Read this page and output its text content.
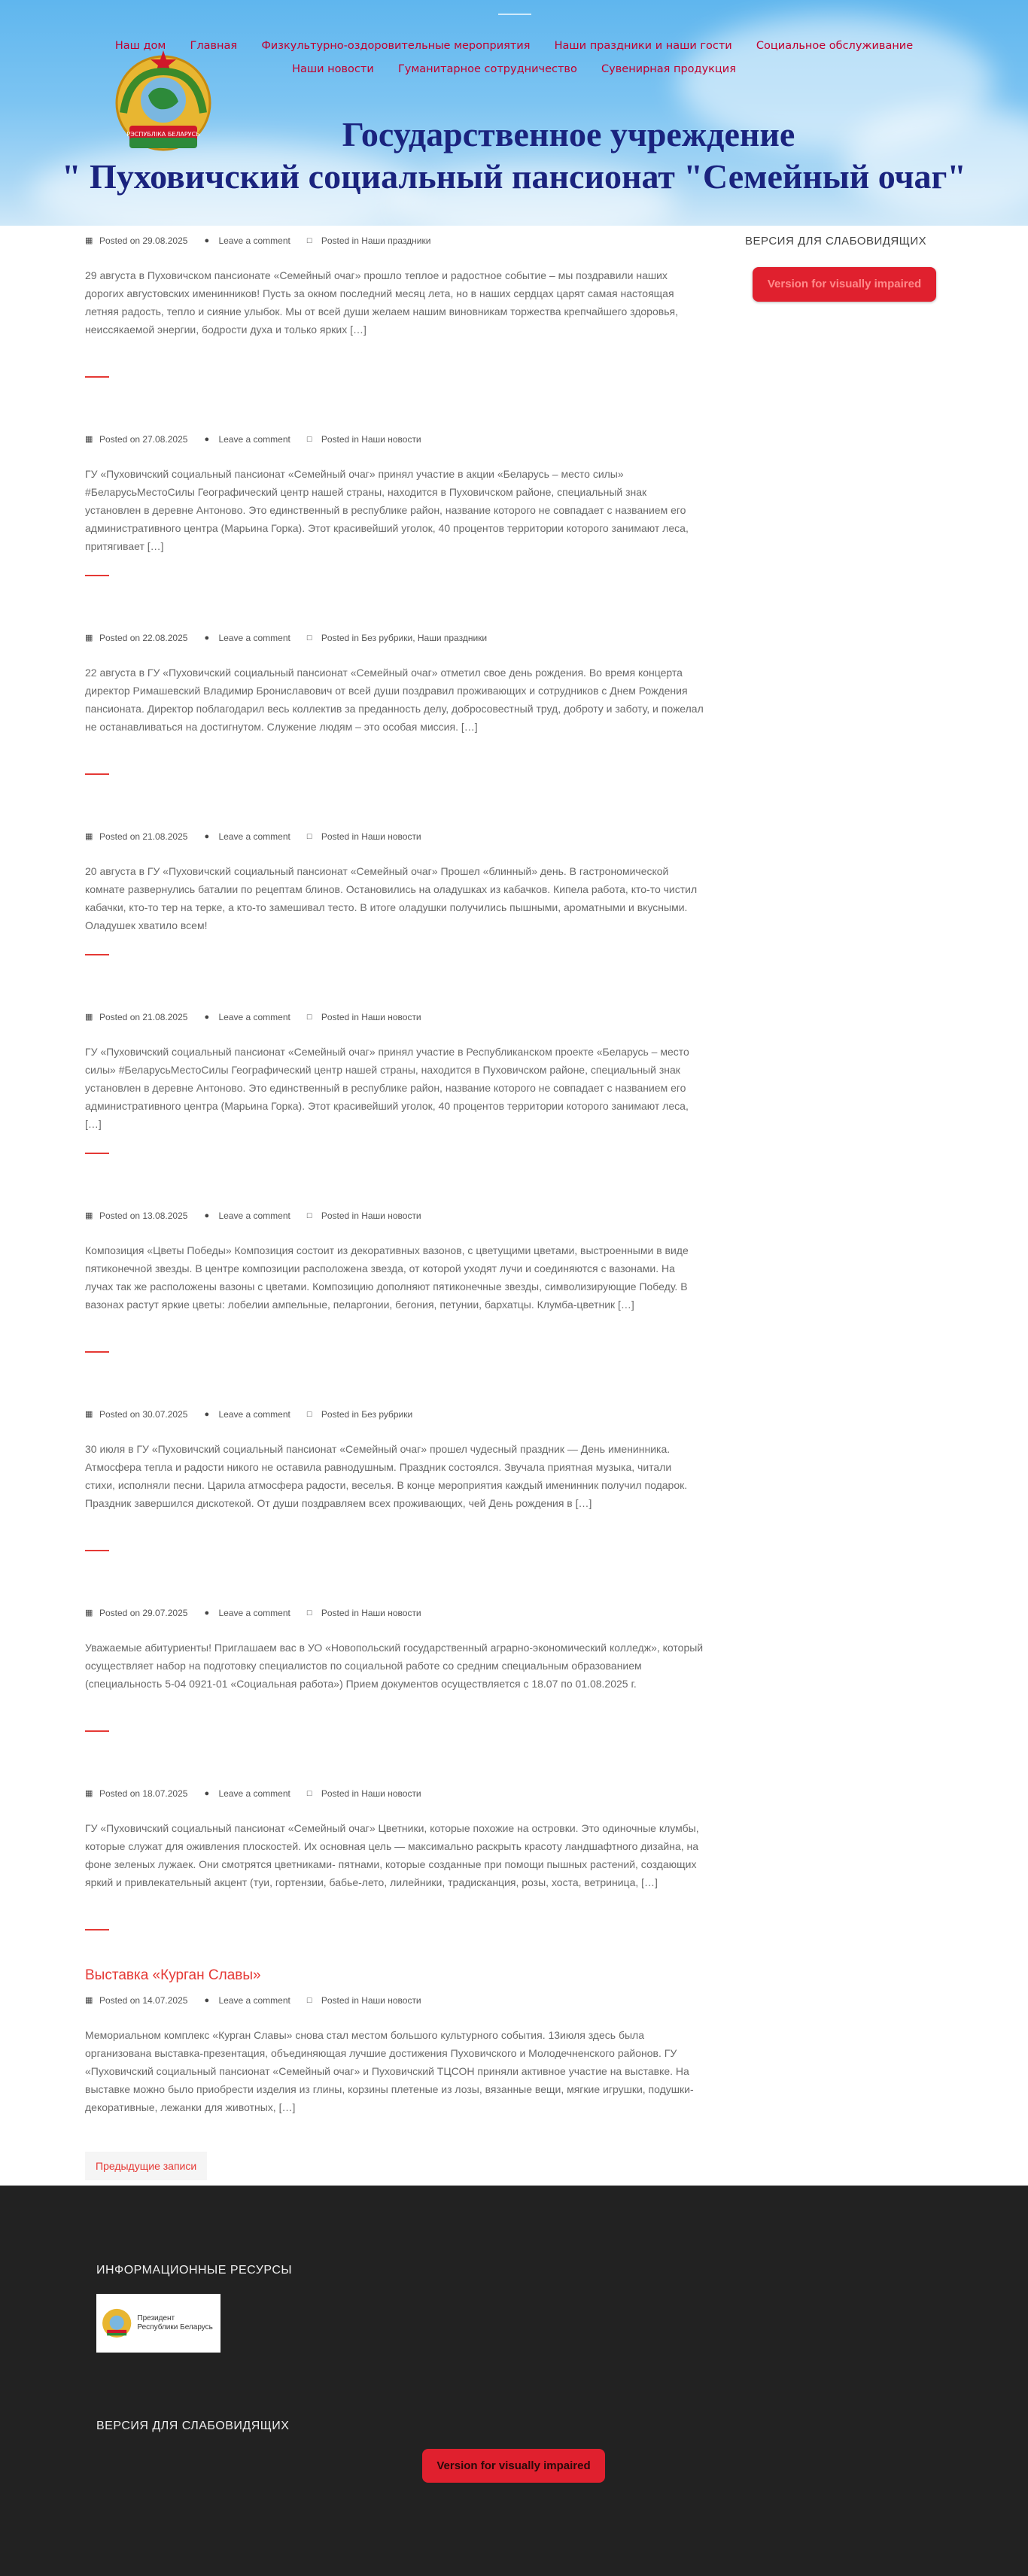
Наш дом Главная Физкультурно-оздоровительные мероприятия Наши праздники и наши гости Социальное обслуживание
Наши новости Гуманитарное сотрудничество Сувенирная продукция
РЭСПУБЛІКА БЕЛАРУСЬ	Государственное учреждение
" Пуховичский социальный пансионат "Семейный очаг"
▦ Posted on 29.08.2025 ●	Leave a comment □	Posted in
Наши праздники

29 августа в Пуховичском пансионате «Семейный очаг» прошло теплое и радостное событие – мы поздравили наших дорогих августовских именинников! Пусть за окном последний месяц лета, но в наших сердцах царят самая настоящая летняя радость, тепло и сияние улыбок. Мы от всей души желаем нашим виновникам торжества крепчайшего здоровья, неиссякаемой энергии, бодрости духа и только ярких […]

▦ Posted on 27.08.2025 ●	Leave a comment □	Posted in
Наши новости

ГУ «Пуховичский социальный пансионат «Семейный очаг» принял участие в акции «Беларусь – место силы» #БеларусьМестоСилы Географический центр нашей страны, находится в Пуховичском районе, специальный знак установлен в деревне Антоново. Это единственный в республике район, название которого не совпадает с названием его административного центра (Марьина Горка). Этот красивейший уголок, 40 процентов территории которого занимают леса, притягивает […]

▦ Posted on 22.08.2025 ●	Leave a comment □	Posted in
Без рубрики, Наши праздники

22 августа в ГУ «Пуховичский социальный пансионат «Семейный очаг» отметил свое день рождения. Во время концерта директор Римашевский Владимир Брониславович от всей души поздравил проживающих и сотрудников с Днем Рождения пансионата. Директор поблагодарил весь коллектив за преданность делу, добросовестный труд, доброту и заботу, и пожелал не останавливаться на достигнутом. Служение людям – это особая миссия. […]

▦ Posted on 21.08.2025 ●	Leave a comment □	Posted in
Наши новости

20 августа в ГУ «Пуховичский социальный пансионат «Семейный очаг» Прошел «блинный» день. В гастрономической комнате развернулись баталии по рецептам блинов. Остановились на оладушках из кабачков. Кипела работа, кто-то чистил кабачки, кто-то тер на терке, а кто-то замешивал тесто. В итоге оладушки получились пышными, ароматными и вкусными. Оладушек хватило всем!

▦ Posted on 21.08.2025 ●	Leave a comment □	Posted in
Наши новости

ГУ «Пуховичский социальный пансионат «Семейный очаг» принял участие в Республиканском проекте «Беларусь – место силы» #БеларусьМестоСилы Географический центр нашей страны, находится в Пуховичском районе, специальный знак установлен в деревне Антоново. Это единственный в республике район, название которого не совпадает с названием его административного центра (Марьина Горка). Этот красивейший уголок, 40 процентов территории которого занимают леса, […]

▦ Posted on 13.08.2025 ●	Leave a comment □	Posted in
Наши новости

Композиция «Цветы Победы» Композиция состоит из декоративных вазонов, с цветущими цветами, выстроенными в виде пятиконечной звезды. В центре композиции расположена звезда, от которой уходят лучи и соединяются с вазонами. На лучах так же расположены вазоны с цветами. Композицию дополняют пятиконечные звезды, символизирующие Победу. В вазонах растут яркие цветы: лобелии ампельные, пеларгонии, бегония, петунии, бархатцы. Клумба-цветник […]

▦ Posted on 30.07.2025 ●	Leave a comment □	Posted in
Без рубрики

30 июля в ГУ «Пуховичский социальный пансионат «Семейный очаг» прошел чудесный праздник — День именинника. Атмосфера тепла и радости никого не оставила равнодушным. Праздник состоялся. Звучала приятная музыка, читали стихи, исполняли песни. Царила атмосфера радости, веселья. В конце мероприятия каждый именинник получил подарок. Праздник завершился дискотекой. От души поздравляем всех проживающих, чей День рождения в […]

▦ Posted on 29.07.2025 ●	Leave a comment □	Posted in
Наши новости

Уважаемые абитуриенты! Приглашаем вас в УО «Новопольский государственный аграрно-экономический колледж», который осуществляет набор на подготовку специалистов по социальной работе со средним специальным образованием (специальность 5-04 0921-01 «Социальная работа») Прием документов осуществляется с 18.07 по 01.08.2025 г.

▦ Posted on 18.07.2025 ●	Leave a comment □	Posted in
Наши новости

ГУ «Пуховичский социальный пансионат «Семейный очаг» Цветники, которые похожие на островки. Это одиночные клумбы, которые служат для оживления плоскостей. Их основная цель — максимально раскрыть красоту ландшафтного дизайна, на фоне зеленых лужаек. Они смотрятся цветниками- пятнами, которые созданные при помощи пышных растений, создающих яркий и привлекательный акцент (туи, гортензии, бабье-лето, лилейники, традисканция, розы, хоста, ветриница, […]

Выставка «Курган Славы»
▦ Posted on 14.07.2025 ●	Leave a comment □	Posted in
Наши новости

Мемориальном комплекс «Курган Славы» снова стал местом большого культурного события. 13июля здесь была организована выставка-презентация, объединяющая лучшие достижения Пуховичского и Молодечненского районов. ГУ «Пуховичский социальный пансионат «Семейный очаг» и Пуховичский ТЦСОН приняли активное участие на выставке. На выставке можно было приобрести изделия из глины, корзины плетеные из лозы, вязанные вещи, мягкие игрушки, подушки-декоративные, лежанки для животных, […]

ВЕРСИЯ ДЛЯ СЛАБОВИДЯЩИХ
Version for visually impaired
Предыдущие записи
ИНФОРМАЦИОННЫЕ РЕСУРСЫ
Президент Республики Беларусь
ВЕРСИЯ ДЛЯ СЛАБОВИДЯЩИХ
Version for visually impaired
